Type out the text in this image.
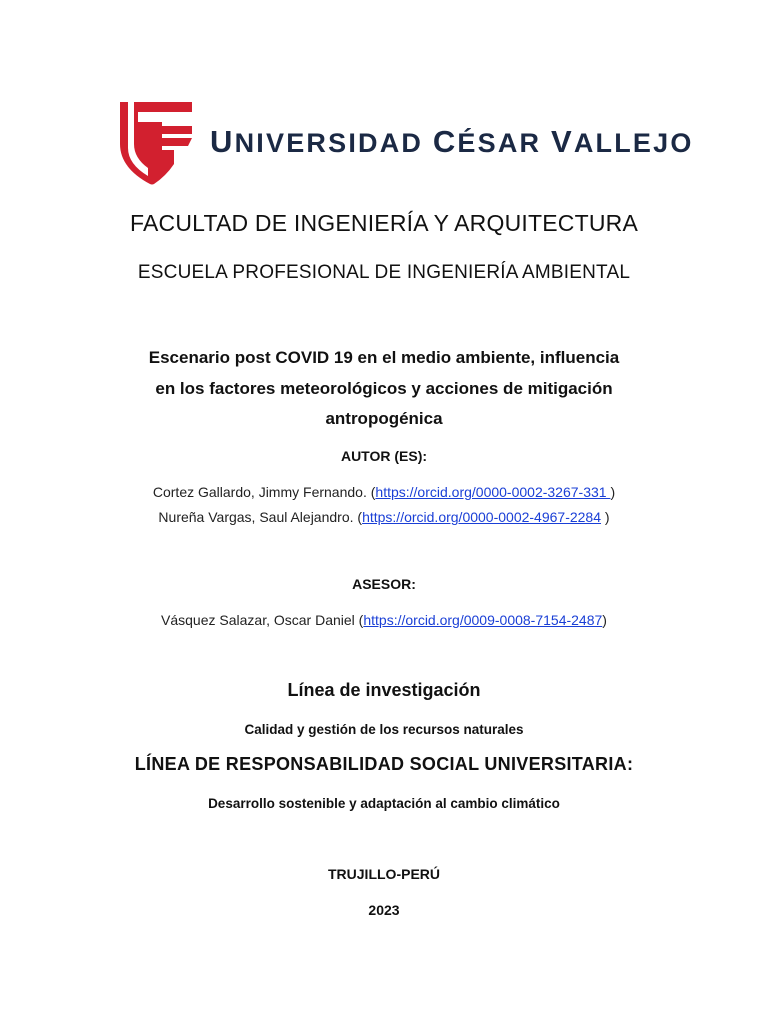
UNIVERSIDAD CÉSAR VALLEJO
FACULTAD DE INGENIERÍA Y ARQUITECTURA
ESCUELA PROFESIONAL DE INGENIERÍA AMBIENTAL
Escenario post COVID 19 en el medio ambiente, influencia
en los factores meteorológicos y acciones de mitigación
antropogénica
AUTOR (ES):
Cortez Gallardo, Jimmy Fernando. (https://orcid.org/0000-0002-3267-331 )
Nureña Vargas, Saul Alejandro. (https://orcid.org/0000-0002-4967-2284 )
ASESOR:
Vásquez Salazar, Oscar Daniel (https://orcid.org/0009-0008-7154-2487)
Línea de investigación
Calidad y gestión de los recursos naturales
LÍNEA DE RESPONSABILIDAD SOCIAL UNIVERSITARIA:
Desarrollo sostenible y adaptación al cambio climático
TRUJILLO-PERÚ
2023
